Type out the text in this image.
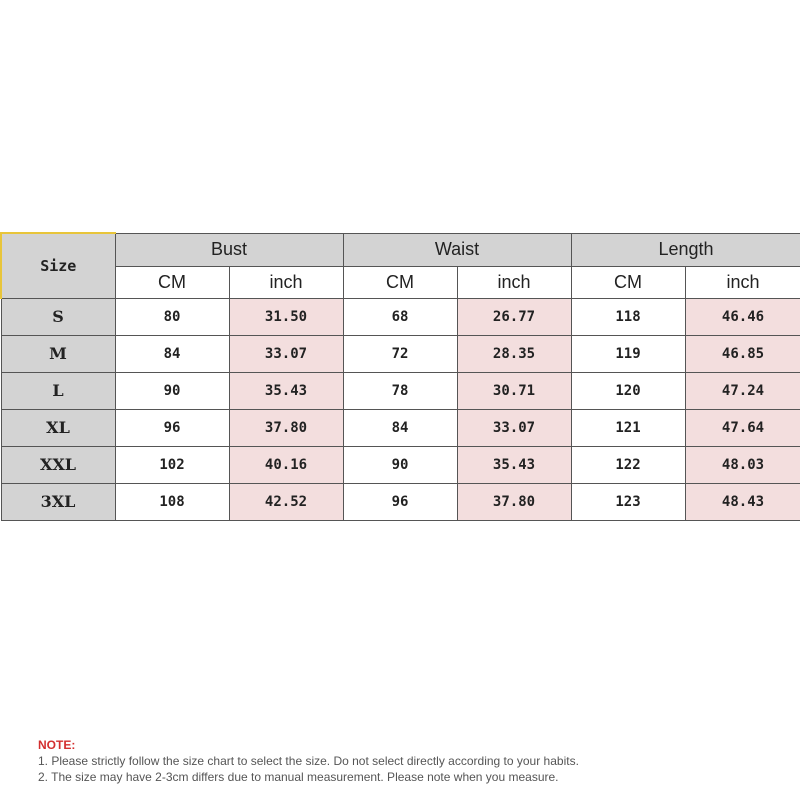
Size	Bust		Waist		Length	
	CM	inch	CM	inch	CM	inch
S	80	31.50	68	26.77	118	46.46
M	84	33.07	72	28.35	119	46.85
L	90	35.43	78	30.71	120	47.24
XL	96	37.80	84	33.07	121	47.64
XXL	102	40.16	90	35.43	122	48.03
3XL	108	42.52	96	37.80	123	48.43
NOTE:
1. Please strictly follow the size chart to select the size. Do not select directly according to your habits.
2. The size may have 2-3cm differs due to manual measurement. Please note when you measure.
